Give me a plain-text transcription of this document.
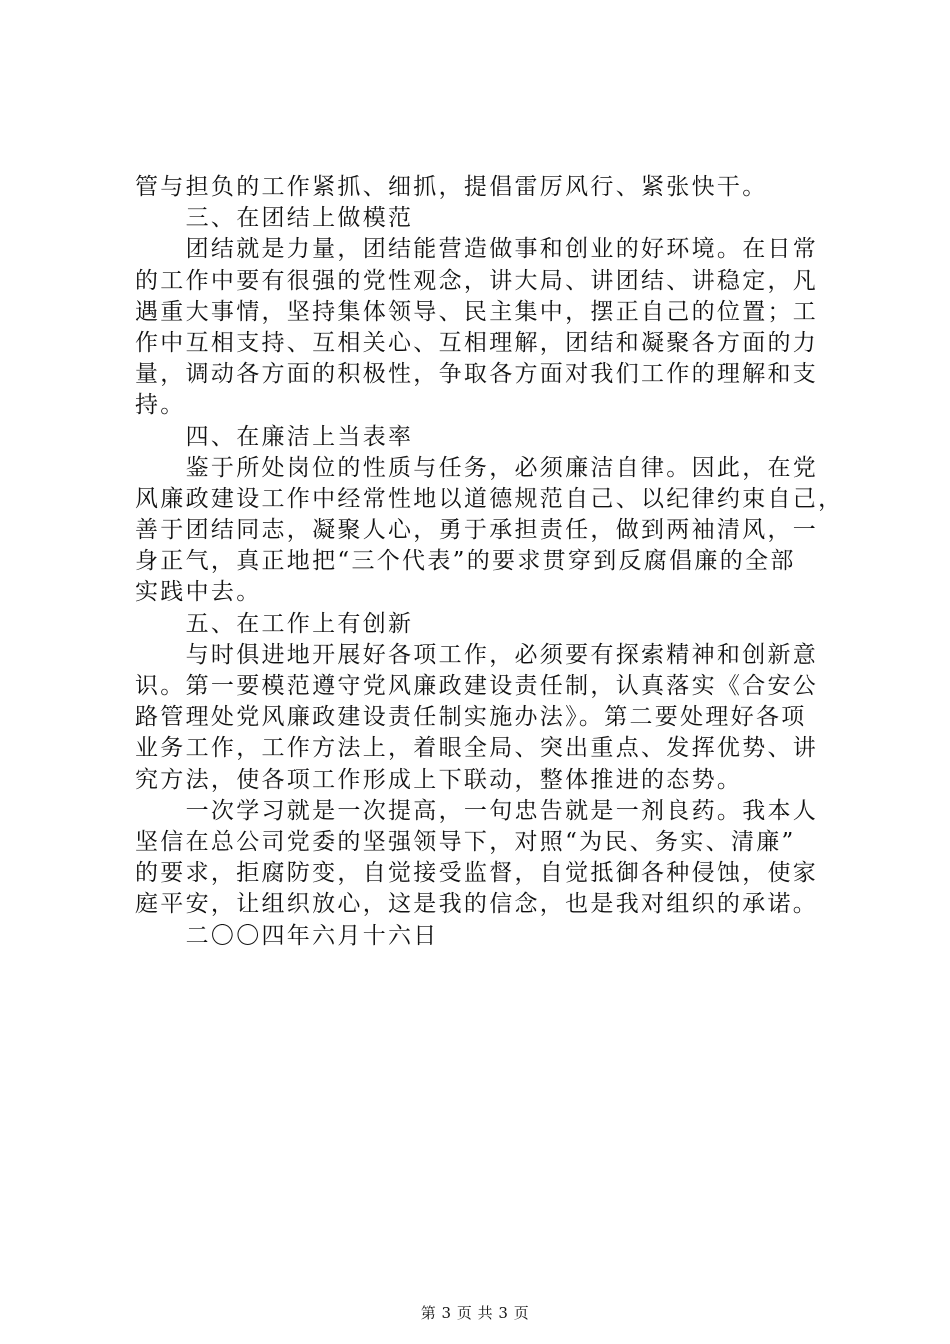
管与担负的工作紧抓、细抓，提倡雷厉风行、紧张快干。
　　三、在团结上做模范
　　团结就是力量，团结能营造做事和创业的好环境。在日常
的工作中要有很强的党性观念，讲大局、讲团结、讲稳定，凡
遇重大事情，坚持集体领导、民主集中，摆正自己的位置；工
作中互相支持、互相关心、互相理解，团结和凝聚各方面的力
量，调动各方面的积极性，争取各方面对我们工作的理解和支
持。
　　四、在廉洁上当表率
　　鉴于所处岗位的性质与任务，必须廉洁自律。因此，在党
风廉政建设工作中经常性地以道德规范自己、以纪律约束自己，
善于团结同志，凝聚人心，勇于承担责任，做到两袖清风，一
身正气，真正地把“三个代表”的要求贯穿到反腐倡廉的全部
实践中去。
　　五、在工作上有创新
　　与时俱进地开展好各项工作，必须要有探索精神和创新意
识。第一要模范遵守党风廉政建设责任制，认真落实《合安公
路管理处党风廉政建设责任制实施办法》。第二要处理好各项
业务工作，工作方法上，着眼全局、突出重点、发挥优势、讲
究方法，使各项工作形成上下联动，整体推进的态势。
　　一次学习就是一次提高，一句忠告就是一剂良药。我本人
坚信在总公司党委的坚强领导下，对照“为民、务实、清廉”
的要求，拒腐防变，自觉接受监督，自觉抵御各种侵蚀，使家
庭平安，让组织放心，这是我的信念，也是我对组织的承诺。
　　二〇〇四年六月十六日
第 3 页 共 3 页
